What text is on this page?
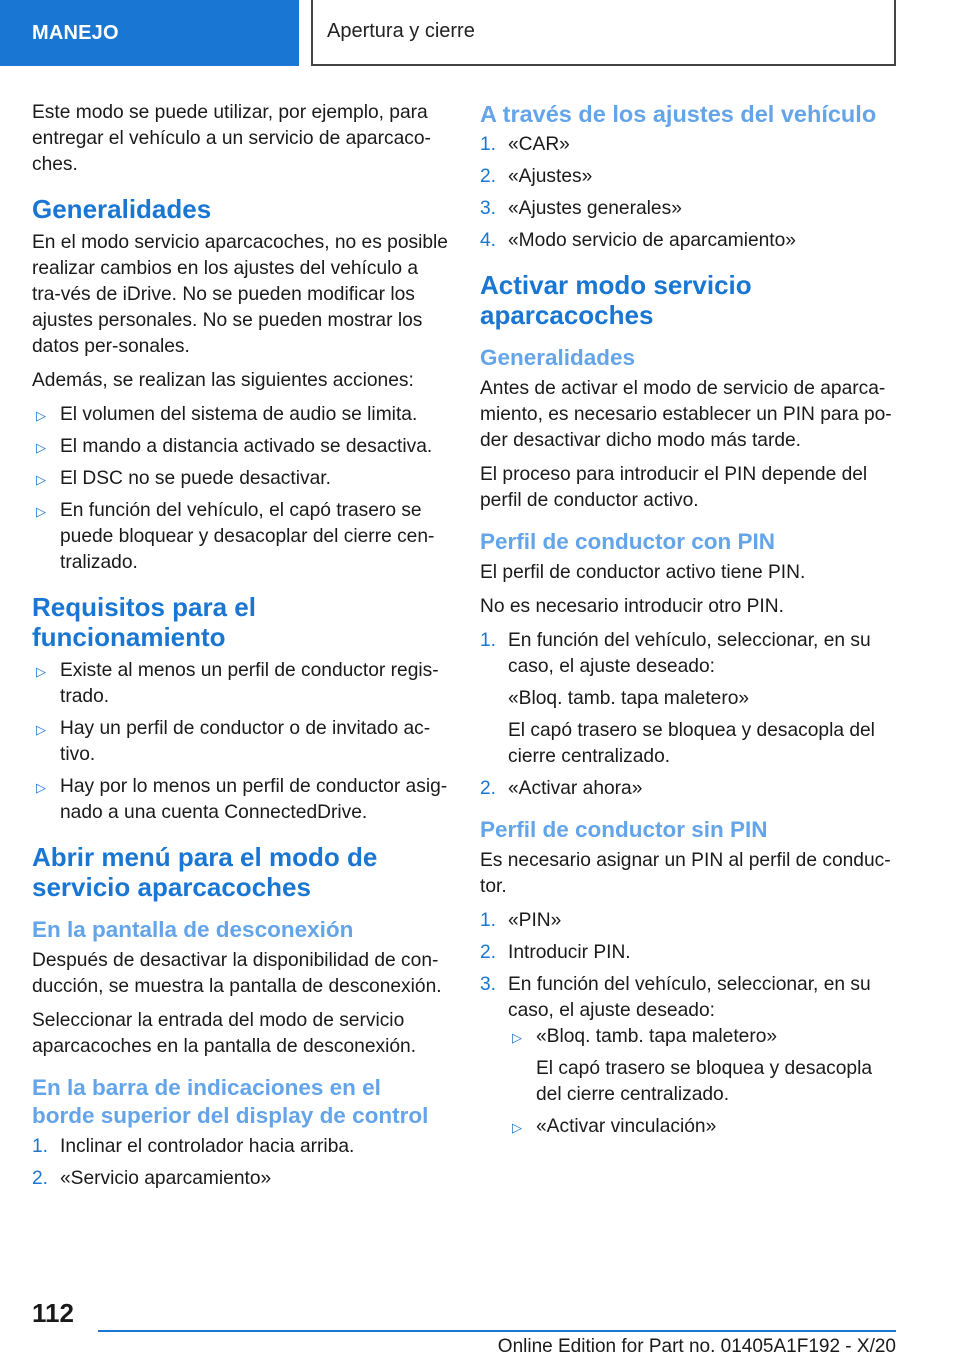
MANEJO	Apertura y cierre

Este modo se puede utilizar, por ejemplo, para entregar el vehículo a un servicio de aparcaco-ches.

Generalidades

En el modo servicio aparcacoches, no es posible realizar cambios en los ajustes del vehículo a tra-vés de iDrive. No se pueden modificar los ajustes personales. No se pueden mostrar los datos per-sonales.

Además, se realizan las siguientes acciones:

▷ El volumen del sistema de audio se limita.
▷ El mando a distancia activado se desactiva.
▷ El DSC no se puede desactivar.
▷ En función del vehículo, el capó trasero se puede bloquear y desacoplar del cierre cen-tralizado.
Requisitos para el funcionamiento
▷ Existe al menos un perfil de conductor regis-trado.
▷ Hay un perfil de conductor o de invitado ac-tivo.
▷ Hay por lo menos un perfil de conductor asig-nado a una cuenta ConnectedDrive.
Abrir menú para el modo de servicio aparcacoches
En la pantalla de desconexión

Después de desactivar la disponibilidad de con-ducción, se muestra la pantalla de desconexión.

Seleccionar la entrada del modo de servicio aparcacoches en la pantalla de desconexión.

En la barra de indicaciones en el borde superior del display de control
1. Inclinar el controlador hacia arriba.
2. «Servicio aparcamiento»
A través de los ajustes del vehículo
1. «CAR»
2. «Ajustes»
3. «Ajustes generales»
4. «Modo servicio de aparcamiento»
Activar modo servicio aparcacoches
Generalidades

Antes de activar el modo de servicio de aparca-miento, es necesario establecer un PIN para po-der desactivar dicho modo más tarde.

El proceso para introducir el PIN depende del perfil de conductor activo.

Perfil de conductor con PIN

El perfil de conductor activo tiene PIN.

No es necesario introducir otro PIN.

1. En función del vehículo, seleccionar, en su caso, el ajuste deseado:
«Bloq. tamb. tapa maletero»
El capó trasero se bloquea y desacopla del cierre centralizado.
2. «Activar ahora»
Perfil de conductor sin PIN

Es necesario asignar un PIN al perfil de conduc-tor.

1. «PIN»
2. Introducir PIN.
3. En función del vehículo, seleccionar, en su caso, el ajuste deseado:
▷ «Bloq. tamb. tapa maletero»
El capó trasero se bloquea y desacopla del cierre centralizado.
▷ «Activar vinculación»
112
Online Edition for Part no. 01405A1F192 - X/20
